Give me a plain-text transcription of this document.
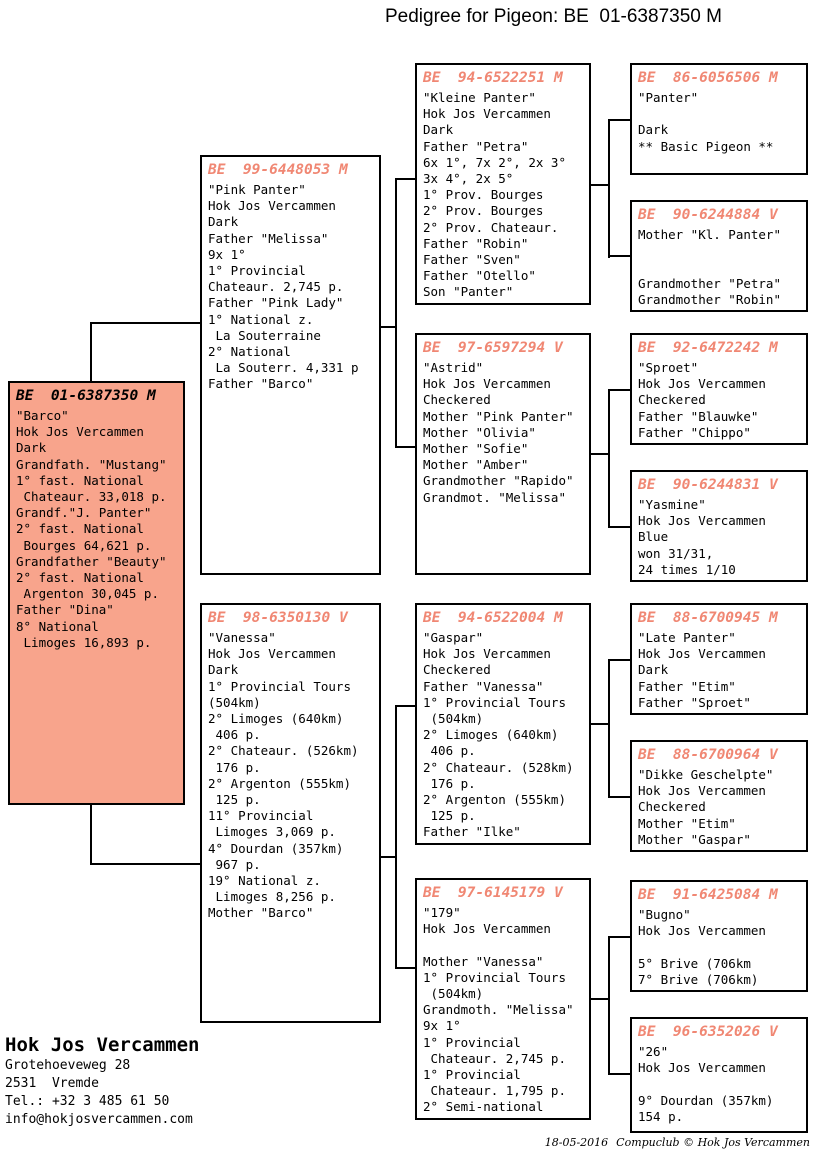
Pedigree for Pigeon: BE  01-6387350 M
BE  01-6387350 M
"Barco"
Hok Jos Vercammen
Dark
Grandfath. "Mustang"
1° fast. National
Chateaur. 33,018 p.
Grandf."J. Panter"
2° fast. National
Bourges 64,621 p.
Grandfather "Beauty"
2° fast. National
Argenton 30,045 p.
Father "Dina"
8° National
Limoges 16,893 p.
BE  99-6448053 M
"Pink Panter"
Hok Jos Vercammen
Dark
Father "Melissa"
9x 1°
1° Provincial
Chateaur. 2,745 p.
Father "Pink Lady"
1° National z.
La Souterraine
2° National
La Souterr. 4,331 p
Father "Barco"
BE  98-6350130 V
"Vanessa"
Hok Jos Vercammen
Dark
1° Provincial Tours
(504km)
2° Limoges (640km)
406 p.
2° Chateaur. (526km)
176 p.
2° Argenton (555km)
125 p.
11° Provincial
Limoges 3,069 p.
4° Dourdan (357km)
967 p.
19° National z.
Limoges 8,256 p.
Mother "Barco"
BE  94-6522251 M
"Kleine Panter"
Hok Jos Vercammen
Dark
Father "Petra"
6x 1°, 7x 2°, 2x 3°
3x 4°, 2x 5°
1° Prov. Bourges
2° Prov. Bourges
2° Prov. Chateaur.
Father "Robin"
Father "Sven"
Father "Otello"
Son "Panter"
BE  97-6597294 V
"Astrid"
Hok Jos Vercammen
Checkered
Mother "Pink Panter"
Mother "Olivia"
Mother "Sofie"
Mother "Amber"
Grandmother "Rapido"
Grandmot. "Melissa"
BE  94-6522004 M
"Gaspar"
Hok Jos Vercammen
Checkered
Father "Vanessa"
1° Provincial Tours
(504km)
2° Limoges (640km)
406 p.
2° Chateaur. (528km)
176 p.
2° Argenton (555km)
125 p.
Father "Ilke"
BE  97-6145179 V
"179"
Hok Jos Vercammen

Mother "Vanessa"
1° Provincial Tours
(504km)
Grandmoth. "Melissa"
9x 1°
1° Provincial
Chateaur. 2,745 p.
1° Provincial
Chateaur. 1,795 p.
2° Semi-national
BE  86-6056506 M
"Panter"

Dark
** Basic Pigeon **
BE  90-6244884 V
Mother "Kl. Panter"

Grandmother "Petra"
Grandmother "Robin"
BE  92-6472242 M
"Sproet"
Hok Jos Vercammen
Checkered
Father "Blauwke"
Father "Chippo"
BE  90-6244831 V
"Yasmine"
Hok Jos Vercammen
Blue
won 31/31,
24 times 1/10
BE  88-6700945 M
"Late Panter"
Hok Jos Vercammen
Dark
Father "Etim"
Father "Sproet"
BE  88-6700964 V
"Dikke Geschelpte"
Hok Jos Vercammen
Checkered
Mother "Etim"
Mother "Gaspar"
BE  91-6425084 M
"Bugno"
Hok Jos Vercammen

5° Brive (706km
7° Brive (706km)
BE  96-6352026 V
"26"
Hok Jos Vercammen

9° Dourdan (357km)
154 p.
Hok Jos Vercammen
Grotehoeveweg 28
2531  Vremde
Tel.: +32 3 485 61 50
info@hokjosvercammen.com
18-05-2016 Compuclub © Hok Jos Vercammen
